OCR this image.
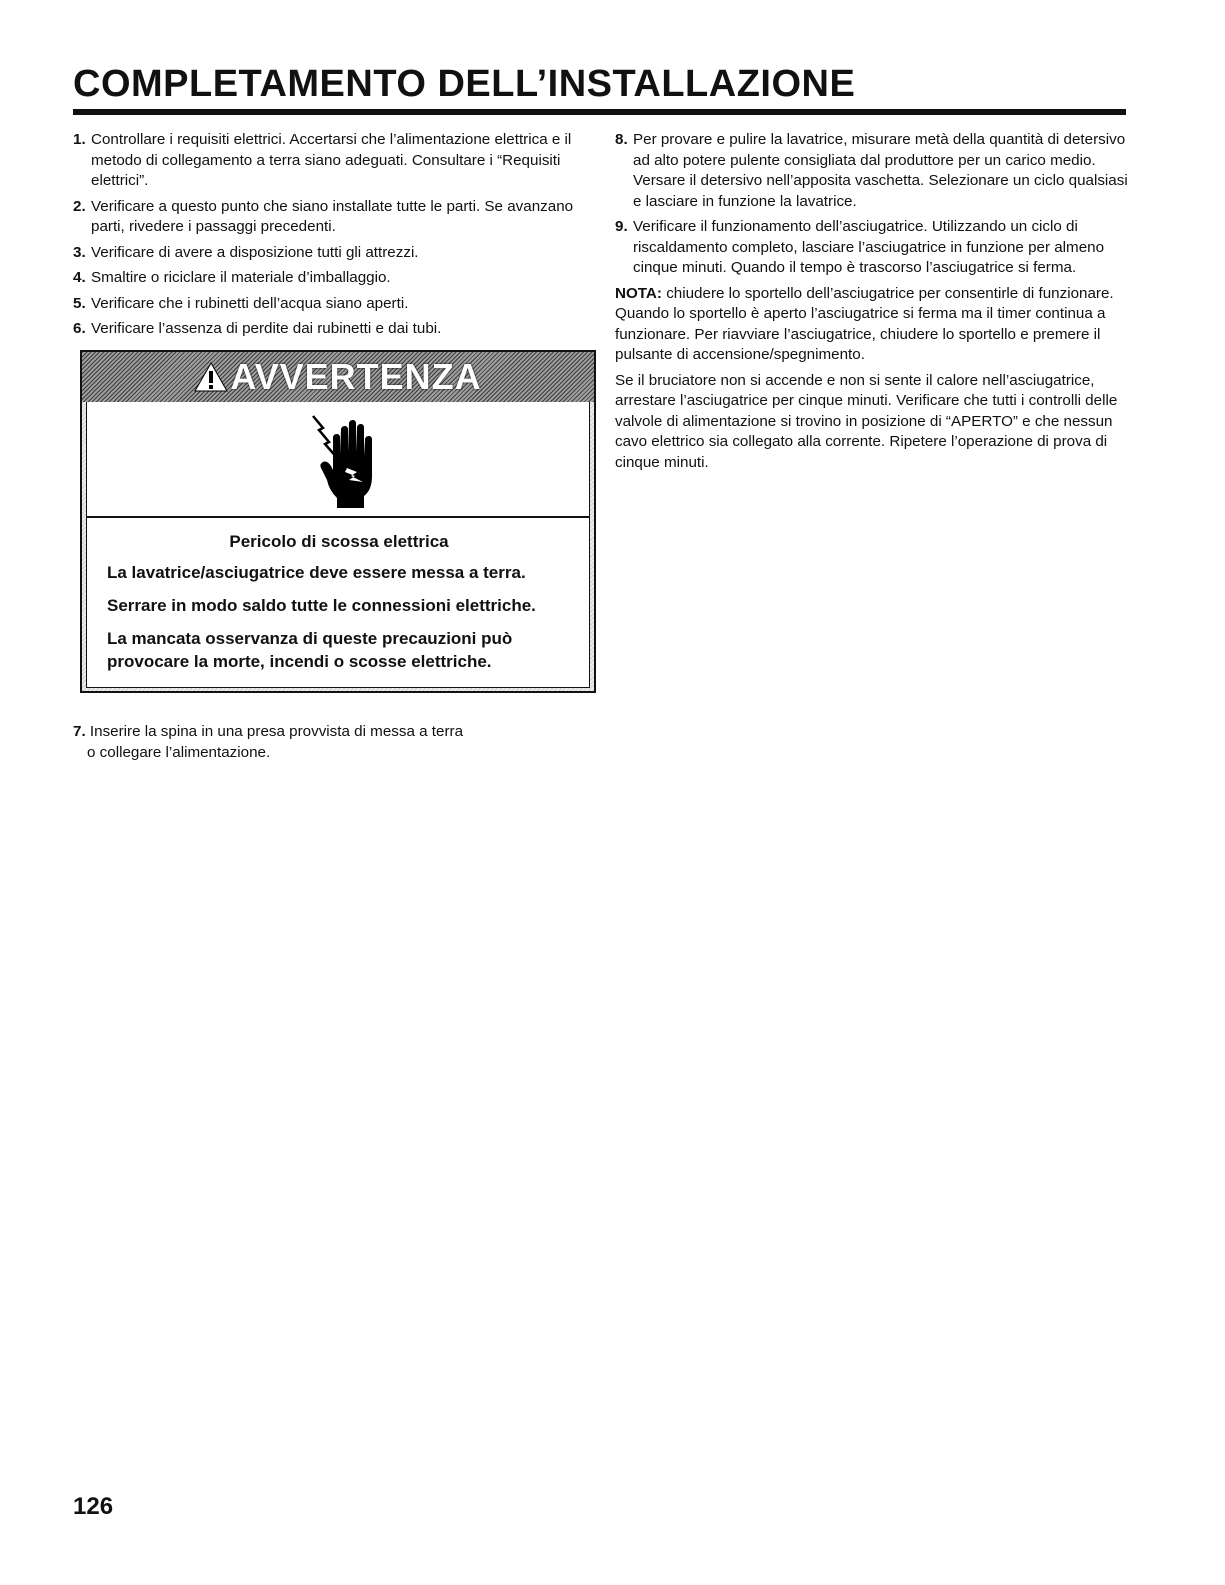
COMPLETAMENTO DELL’INSTALLAZIONE
1. Controllare i requisiti elettrici. Accertarsi che l’alimentazione elettrica e il metodo di collegamento a terra siano adeguati. Consultare i “Requisiti elettrici”.
2. Verificare a questo punto che siano installate tutte le parti. Se avanzano parti, rivedere i passaggi precedenti.
3. Verificare di avere a disposizione tutti gli attrezzi.
4. Smaltire o riciclare il materiale d’imballaggio.
5. Verificare che i rubinetti dell’acqua siano aperti.
6. Verificare l’assenza di perdite dai rubinetti e dai tubi.
AVVERTENZA

Pericolo di scossa elettrica

La lavatrice/asciugatrice deve essere messa a terra.

Serrare in modo saldo tutte le connessioni elettriche.

La mancata osservanza di queste precauzioni può provocare la morte, incendi o scosse elettriche.

7. Inserire la spina in una presa provvista di messa a terra
o collegare l’alimentazione.
8. Per provare e pulire la lavatrice, misurare metà della quantità di detersivo ad alto potere pulente consigliata dal produttore per un carico medio. Versare il detersivo nell’apposita vaschetta. Selezionare un ciclo qualsiasi e lasciare in funzione la lavatrice.
9. Verificare il funzionamento dell’asciugatrice. Utilizzando un ciclo di riscaldamento completo, lasciare l’asciugatrice in funzione per almeno cinque minuti. Quando il tempo è trascorso l’asciugatrice si ferma.

NOTA: chiudere lo sportello dell’asciugatrice per consentirle di funzionare. Quando lo sportello è aperto l’asciugatrice si ferma ma il timer continua a funzionare. Per riavviare l’asciugatrice, chiudere lo sportello e premere il pulsante di accensione/spegnimento.

Se il bruciatore non si accende e non si sente il calore nell’asciugatrice, arrestare l’asciugatrice per cinque minuti. Verificare che tutti i controlli delle valvole di alimentazione si trovino in posizione di “APERTO” e che nessun cavo elettrico sia collegato alla corrente. Ripetere l’operazione di prova di cinque minuti.

126
